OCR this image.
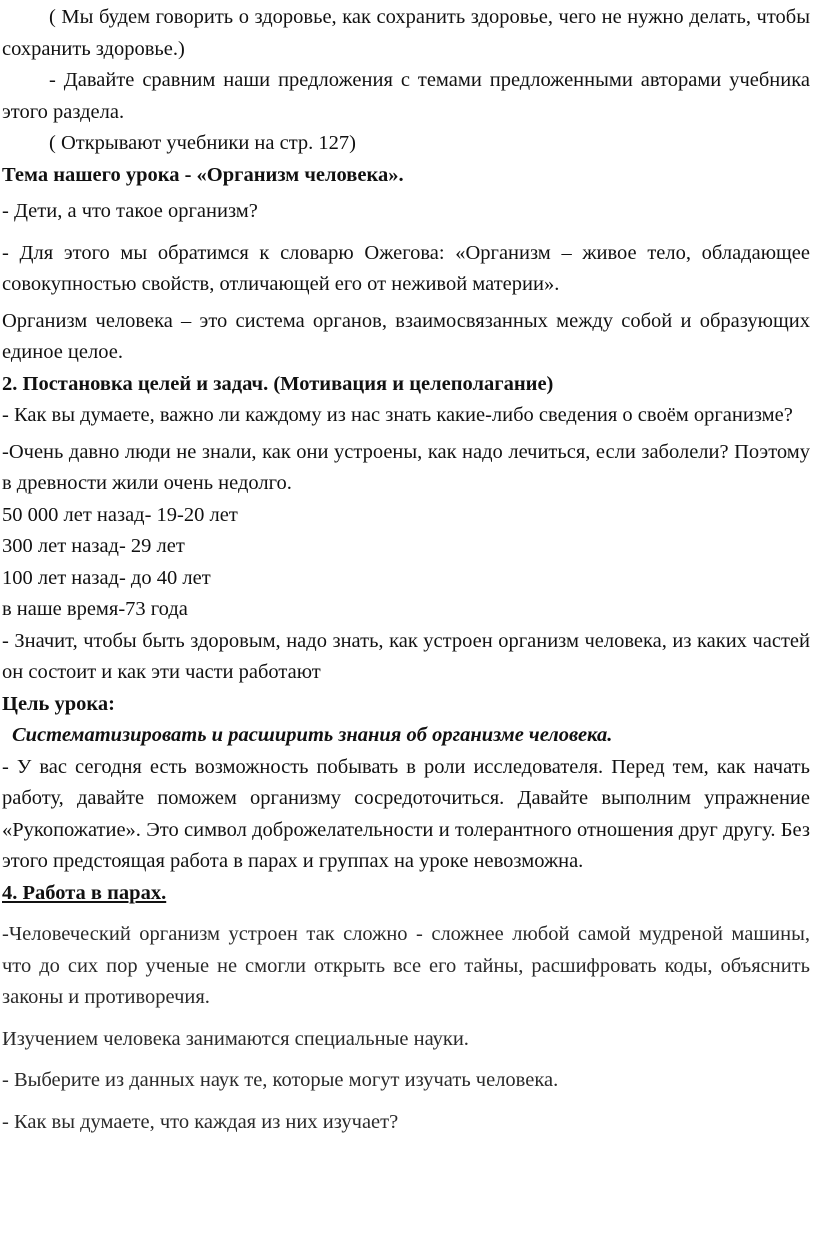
( Мы будем говорить о здоровье, как сохранить здоровье, чего не нужно делать, чтобы сохранить здоровье.)

- Давайте сравним наши предложения с темами предложенными авторами учебника этого раздела.

( Открывают учебники на стр. 127)

Тема нашего урока - «Организм человека».

- Дети, а что такое организм?

- Для этого мы обратимся к словарю Ожегова: «Организм – живое тело, обладающее совокупностью свойств, отличающей его от неживой материи».

Организм человека – это система органов, взаимосвязанных между собой и образующих единое целое.

2. Постановка целей и задач. (Мотивация и целеполагание)

- Как вы думаете, важно ли каждому из нас знать какие-либо сведения о своём организме?

-Очень давно люди не знали, как они устроены, как надо лечиться, если заболели? Поэтому в древности жили очень недолго.

50 000 лет назад- 19-20 лет

300 лет назад- 29 лет

100 лет назад- до 40 лет

в наше время-73 года

- Значит, чтобы быть здоровым, надо знать, как устроен организм человека, из каких частей он состоит и как эти части работают

Цель урока:

Систематизировать и расширить знания об организме человека.

- У вас сегодня есть возможность побывать в роли исследователя. Перед тем, как начать работу, давайте поможем организму сосредоточиться. Давайте выполним упражнение «Рукопожатие». Это символ доброжелательности и толерантного отношения друг другу. Без этого предстоящая работа в парах и группах на уроке невозможна.

4. Работа в парах.

-Человеческий организм устроен так сложно - сложнее любой самой мудреной машины, что до сих пор ученые не смогли открыть все его тайны, расшифровать коды, объяснить законы и противоречия.

Изучением человека занимаются специальные науки.

- Выберите из данных наук те, которые могут изучать человека.

- Как вы думаете, что каждая из них изучает?
